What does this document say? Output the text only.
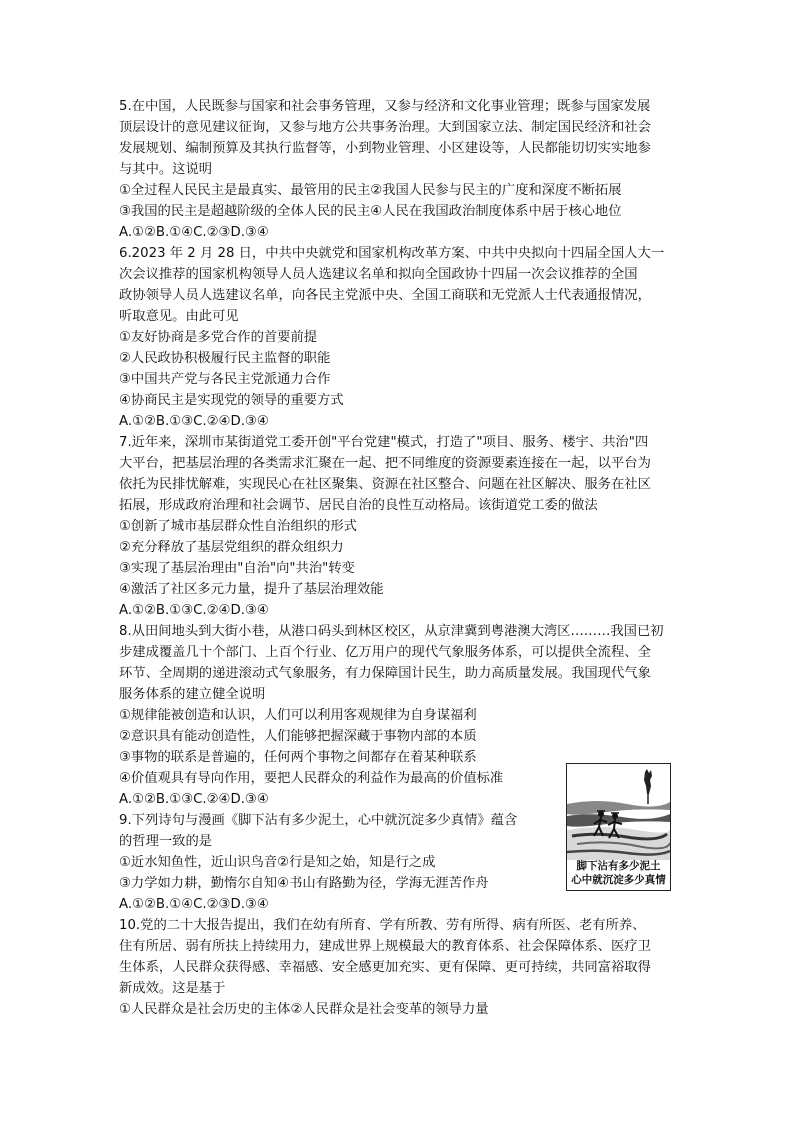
5.在中国，人民既参与国家和社会事务管理，又参与经济和文化事业管理；既参与国家发展

顶层设计的意见建议征询，又参与地方公共事务治理。大到国家立法、制定国民经济和社会

发展规划、编制预算及其执行监督等，小到物业管理、小区建设等，人民都能切切实实地参

与其中。这说明

①全过程人民民主是最真实、最管用的民主②我国人民参与民主的广度和深度不断拓展

③我国的民主是超越阶级的全体人民的民主④人民在我国政治制度体系中居于核心地位

A.①②B.①④C.②③D.③④

6.2023 年 2 月 28 日，中共中央就党和国家机构改革方案、中共中央拟向十四届全国人大一

次会议推荐的国家机构领导人员人选建议名单和拟向全国政协十四届一次会议推荐的全国

政协领导人员人选建议名单，向各民主党派中央、全国工商联和无党派人士代表通报情况，

听取意见。由此可见

①友好协商是多党合作的首要前提

②人民政协积极履行民主监督的职能

③中国共产党与各民主党派通力合作

④协商民主是实现党的领导的重要方式

A.①②B.①③C.②④D.③④

7.近年来，深圳市某街道党工委开创"平台党建"模式，打造了"项目、服务、楼宇、共治"四

大平台，把基层治理的各类需求汇聚在一起、把不同维度的资源要素连接在一起，以平台为

依托为民排忧解难，实现民心在社区聚集、资源在社区整合、问题在社区解决、服务在社区

拓展，形成政府治理和社会调节、居民自治的良性互动格局。该街道党工委的做法

①创新了城市基层群众性自治组织的形式

②充分释放了基层党组织的群众组织力

③实现了基层治理由"自治"向"共治"转变

④激活了社区多元力量，提升了基层治理效能

A.①②B.①③C.②④D.③④

8.从田间地头到大街小巷，从港口码头到林区校区，从京津冀到粤港澳大湾区………我国已初

步建成覆盖几十个部门、上百个行业、亿万用户的现代气象服务体系，可以提供全流程、全

环节、全周期的递进滚动式气象服务，有力保障国计民生，助力高质量发展。我国现代气象

服务体系的建立健全说明

①规律能被创造和认识，人们可以利用客观规律为自身谋福利

②意识具有能动创造性，人们能够把握深藏于事物内部的本质

③事物的联系是普遍的，任何两个事物之间都存在着某种联系

④价值观具有导向作用，要把人民群众的利益作为最高的价值标准

A.①②B.①③C.②④D.③④

9.下列诗句与漫画《脚下沾有多少泥土，心中就沉淀多少真情》蕴含

的哲理一致的是

①近水知鱼性，近山识鸟音②行是知之始，知是行之成

③力学如力耕，勤惰尔自知④书山有路勤为径，学海无涯苦作舟

A.①②B.①④C.②③D.③④

10.党的二十大报告提出，我们在幼有所育、学有所教、劳有所得、病有所医、老有所养、

住有所居、弱有所扶上持续用力，建成世界上规模最大的教育体系、社会保障体系、医疗卫

生体系，人民群众获得感、幸福感、安全感更加充实、更有保障、更可持续，共同富裕取得

新成效。这是基于

①人民群众是社会历史的主体②人民群众是社会变革的领导力量

脚下沾有多少泥土
心中就沉淀多少真情
